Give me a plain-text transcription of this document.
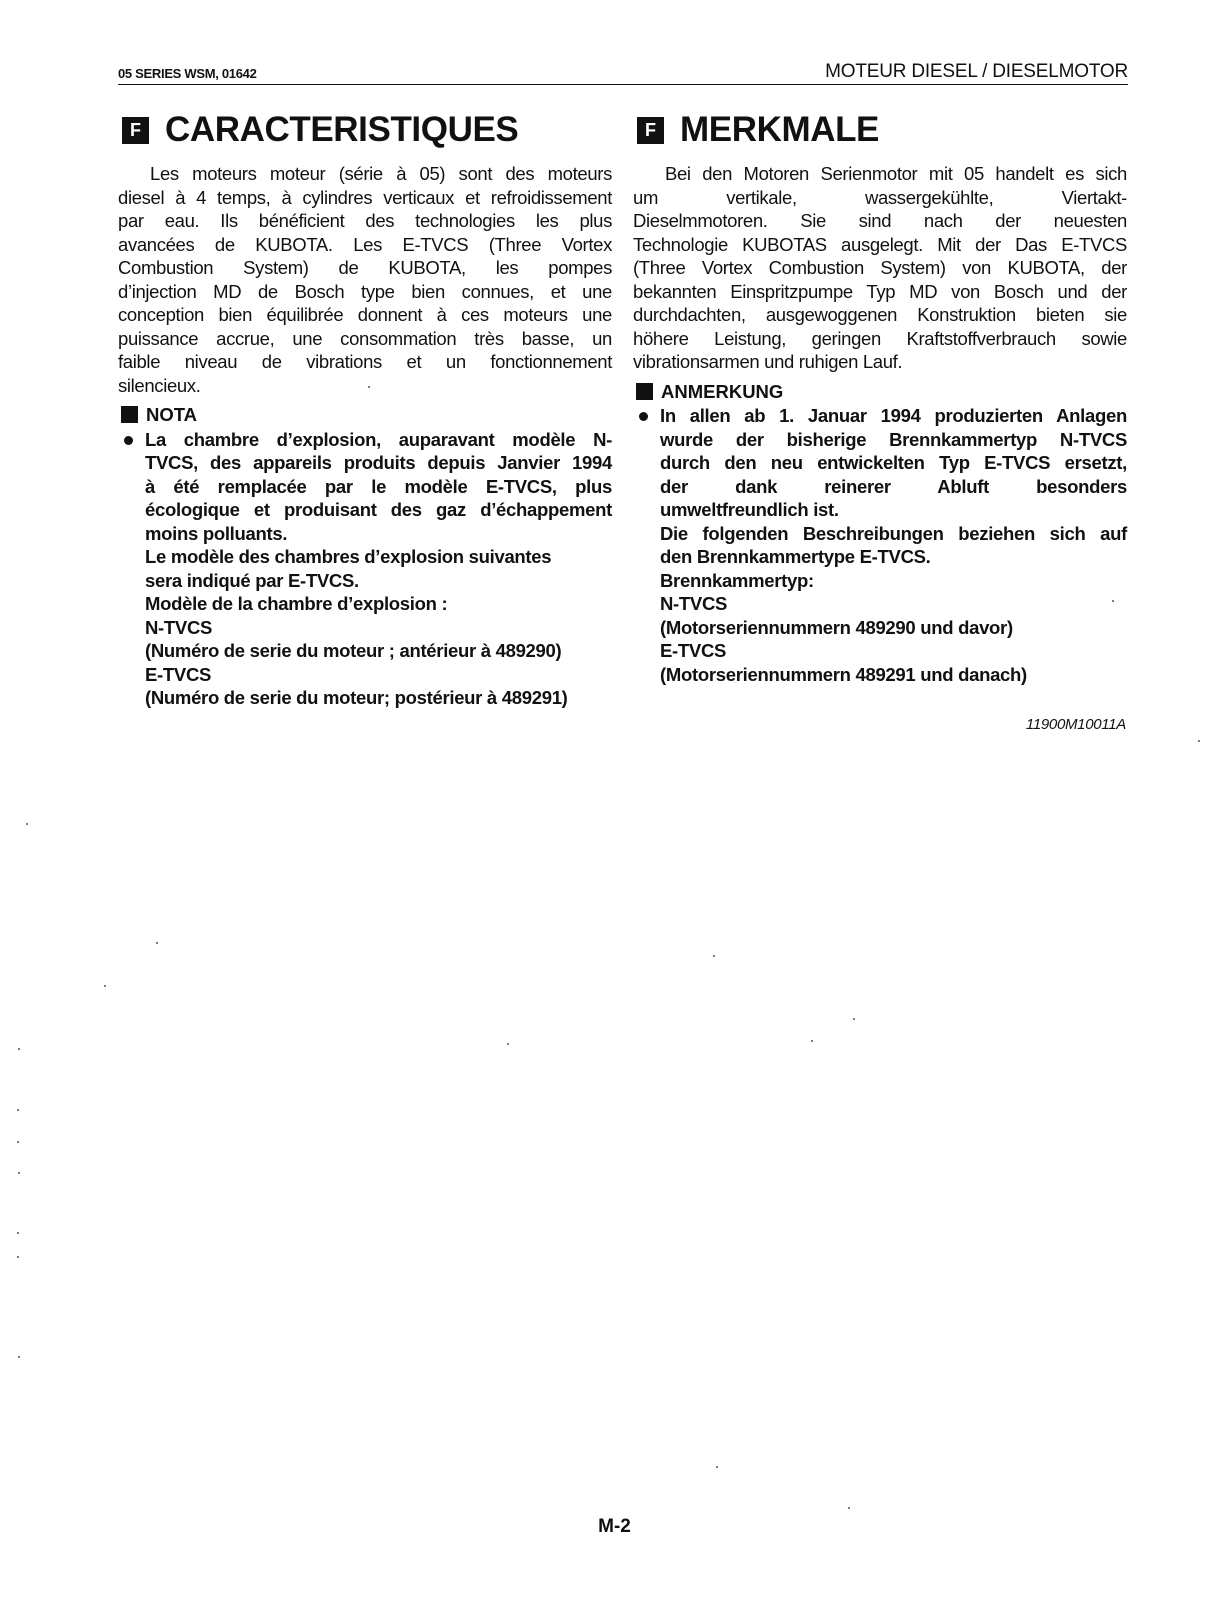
05 SERIES WSM, 01642	MOTEUR DIESEL / DIESELMOTOR
F CARACTERISTIQUES
Les moteurs moteur (série à 05) sont des moteurs
diesel à 4 temps, à cylindres verticaux et refroidissement
par eau. Ils bénéficient des technologies les plus
avancées de KUBOTA. Les E-TVCS (Three Vortex
Combustion System) de KUBOTA, les pompes
d’injection MD de Bosch type bien connues, et une
conception bien équilibrée donnent à ces moteurs une
puissance accrue, une consommation très basse, un
faible niveau de vibrations et un fonctionnement
silencieux.
NOTA
La chambre d’explosion, auparavant modèle N-
TVCS, des appareils produits depuis Janvier 1994
à été remplacée par le modèle E-TVCS, plus
écologique et produisant des gaz d’échappement
moins polluants.
Le modèle des chambres d’explosion suivantes
sera indiqué par E-TVCS.
Modèle de la chambre d’explosion :
N-TVCS
(Numéro de serie du moteur ; antérieur à 489290)
E-TVCS
(Numéro de serie du moteur; postérieur à 489291)
F MERKMALE
Bei den Motoren Serienmotor mit 05 handelt es sich
um vertikale, wassergekühlte, Viertakt-
Dieselmmotoren. Sie sind nach der neuesten
Technologie KUBOTAS ausgelegt. Mit der Das E-TVCS
(Three Vortex Combustion System) von KUBOTA, der
bekannten Einspritzpumpe Typ MD von Bosch und der
durchdachten, ausgewoggenen Konstruktion bieten sie
höhere Leistung, geringen Kraftstoffverbrauch sowie
vibrationsarmen und ruhigen Lauf.
ANMERKUNG
In allen ab 1. Januar 1994 produzierten Anlagen
wurde der bisherige Brennkammertyp N-TVCS
durch den neu entwickelten Typ E-TVCS ersetzt,
der dank reinerer Abluft besonders
umweltfreundlich ist.
Die folgenden Beschreibungen beziehen sich auf
den Brennkammertype E-TVCS.
Brennkammertyp:
N-TVCS
(Motorseriennummern 489290 und davor)
E-TVCS
(Motorseriennummern 489291 und danach)
11900M10011A
M-2
